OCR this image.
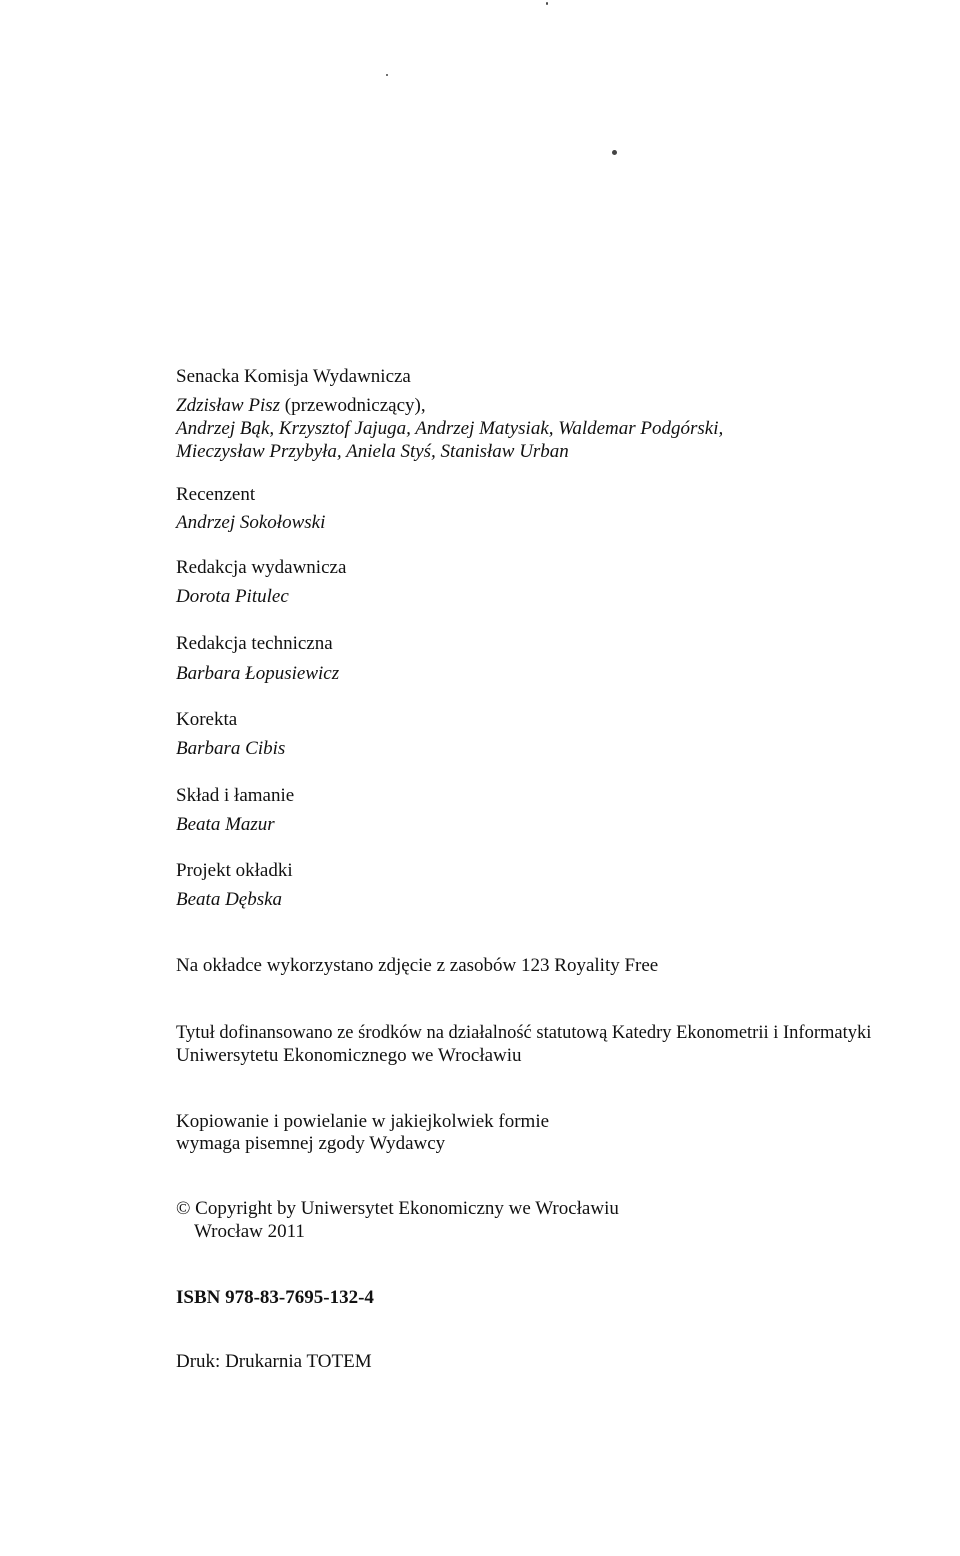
Senacka Komisja Wydawnicza

Zdzisław Pisz (przewodniczący),

Andrzej Bąk, Krzysztof Jajuga, Andrzej Matysiak, Waldemar Podgórski,

Mieczysław Przybyła, Aniela Styś, Stanisław Urban

Recenzent

Andrzej Sokołowski

Redakcja wydawnicza

Dorota Pitulec

Redakcja techniczna

Barbara Łopusiewicz

Korekta

Barbara Cibis

Skład i łamanie

Beata Mazur

Projekt okładki

Beata Dębska

Na okładce wykorzystano zdjęcie z zasobów 123 Royality Free

Tytuł dofinansowano ze środków na działalność statutową Katedry Ekonometrii i Informatyki

Uniwersytetu Ekonomicznego we Wrocławiu

Kopiowanie i powielanie w jakiejkolwiek formie

wymaga pisemnej zgody Wydawcy

© Copyright by Uniwersytet Ekonomiczny we Wrocławiu

Wrocław 2011

ISBN 978-83-7695-132-4

Druk: Drukarnia TOTEM
